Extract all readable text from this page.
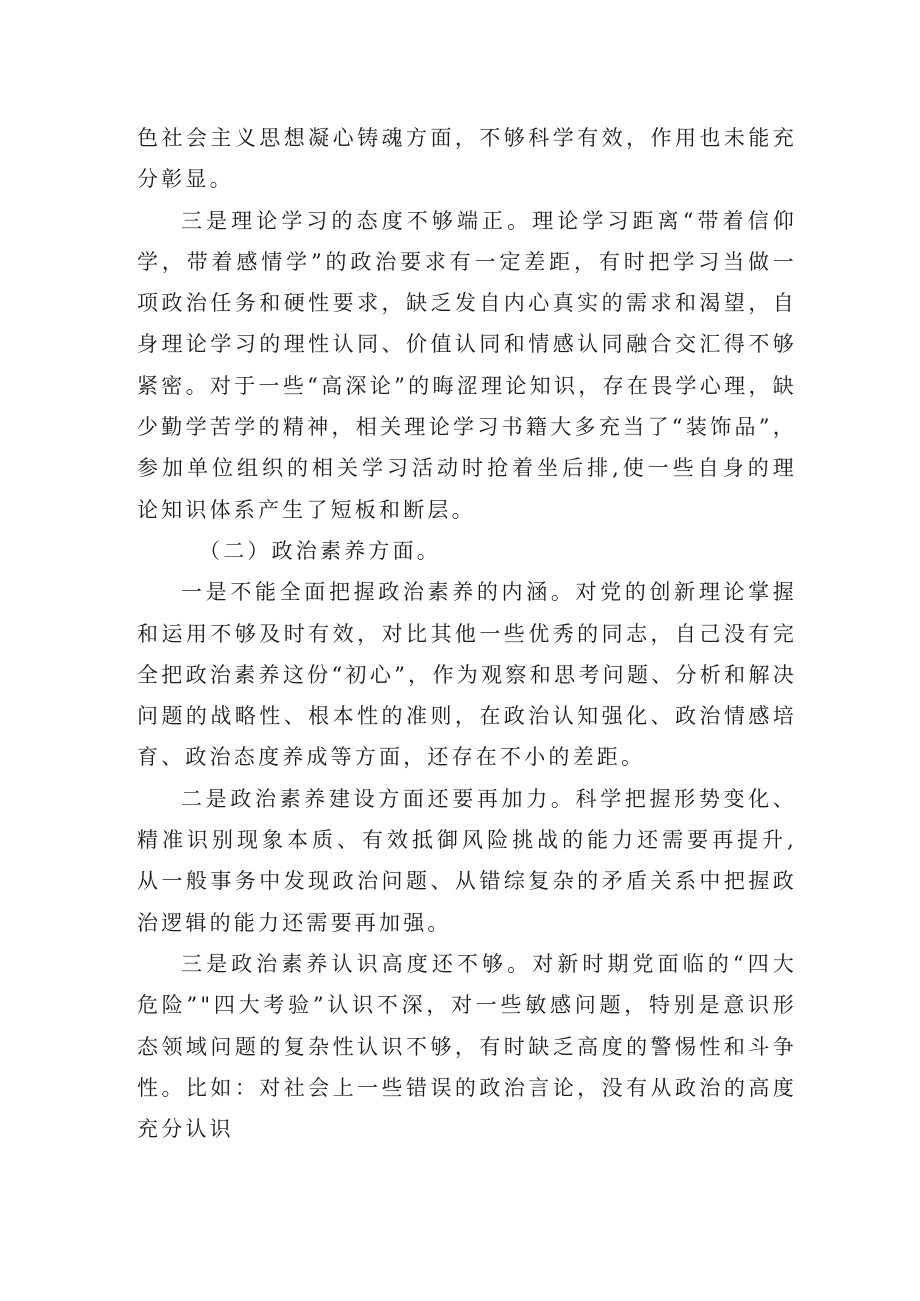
色社会主义思想凝心铸魂方面，不够科学有效，作用也未能充分彰显。

三是理论学习的态度不够端正。理论学习距离“带着信仰学，带着感情学”的政治要求有一定差距，有时把学习当做一项政治任务和硬性要求，缺乏发自内心真实的需求和渴望，自身理论学习的理性认同、价值认同和情感认同融合交汇得不够紧密。对于一些“高深论”的晦涩理论知识，存在畏学心理，缺少勤学苦学的精神，相关理论学习书籍大多充当了“装饰品”，参加单位组织的相关学习活动时抢着坐后排,使一些自身的理论知识体系产生了短板和断层。

（二）政治素养方面。

一是不能全面把握政治素养的内涵。对党的创新理论掌握和运用不够及时有效，对比其他一些优秀的同志，自己没有完全把政治素养这份“初心”，作为观察和思考问题、分析和解决问题的战略性、根本性的准则，在政治认知强化、政治情感培育、政治态度养成等方面，还存在不小的差距。

二是政治素养建设方面还要再加力。科学把握形势变化、精准识别现象本质、有效抵御风险挑战的能力还需要再提升,从一般事务中发现政治问题、从错综复杂的矛盾关系中把握政治逻辑的能力还需要再加强。

三是政治素养认识高度还不够。对新时期党面临的“四大危险”"四大考验”认识不深，对一些敏感问题，特别是意识形态领域问题的复杂性认识不够，有时缺乏高度的警惕性和斗争性。比如：对社会上一些错误的政治言论，没有从政治的高度充分认识
